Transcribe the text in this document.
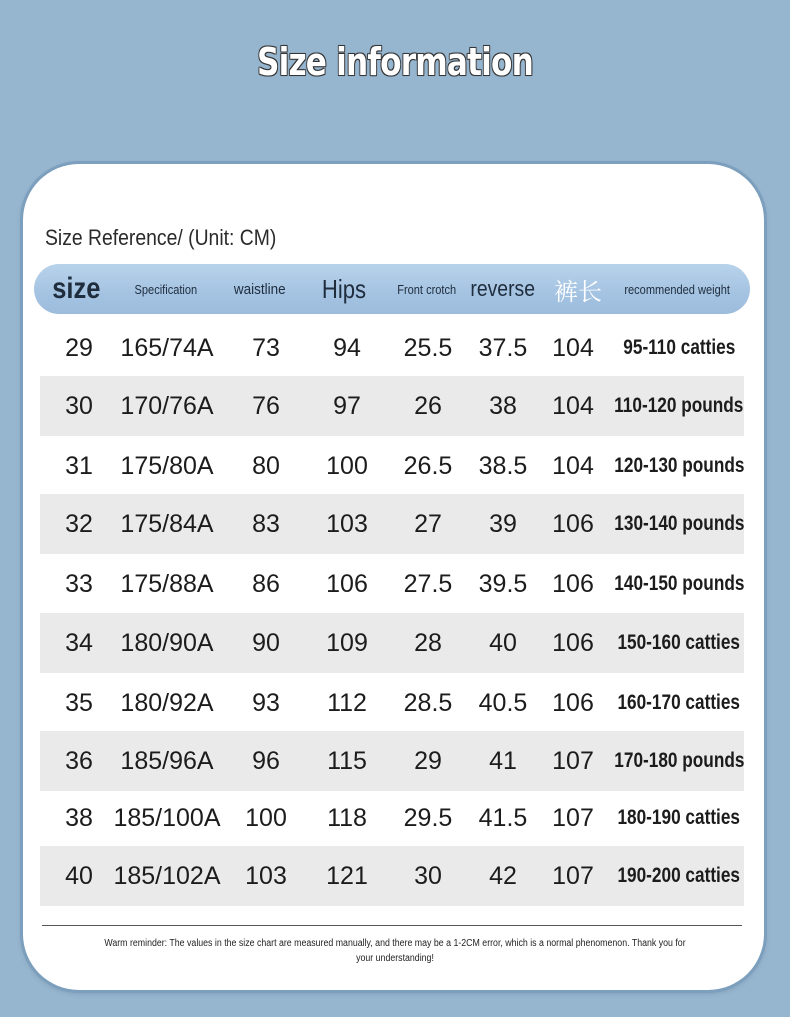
Size information
Size Reference/ (Unit: CM)
size	Specification waistline Hips Front crotch reverse 裤长 recommended weight
29 165/74A 73 94 25.5 37.5 104 95-110 catties
30 170/76A 76 97 26 38 104 110-120 pounds
31 175/80A 80 100 26.5 38.5 104 120-130 pounds
32 175/84A 83 103 27 39 106 130-140 pounds
33 175/88A 86 106 27.5 39.5 106 140-150 pounds
34 180/90A 90 109 28 40 106 150-160 catties
35 180/92A 93 112 28.5 40.5 106 160-170 catties
36 185/96A 96 115 29 41 107 170-180 pounds
38 185/100A 100 118 29.5 41.5 107 180-190 catties
40 185/102A 103 121 30 42 107 190-200 catties
Warm reminder: The values in the size chart are measured manually, and there may be a 1-2CM error, which is a normal phenomenon. Thank you for your understanding!
